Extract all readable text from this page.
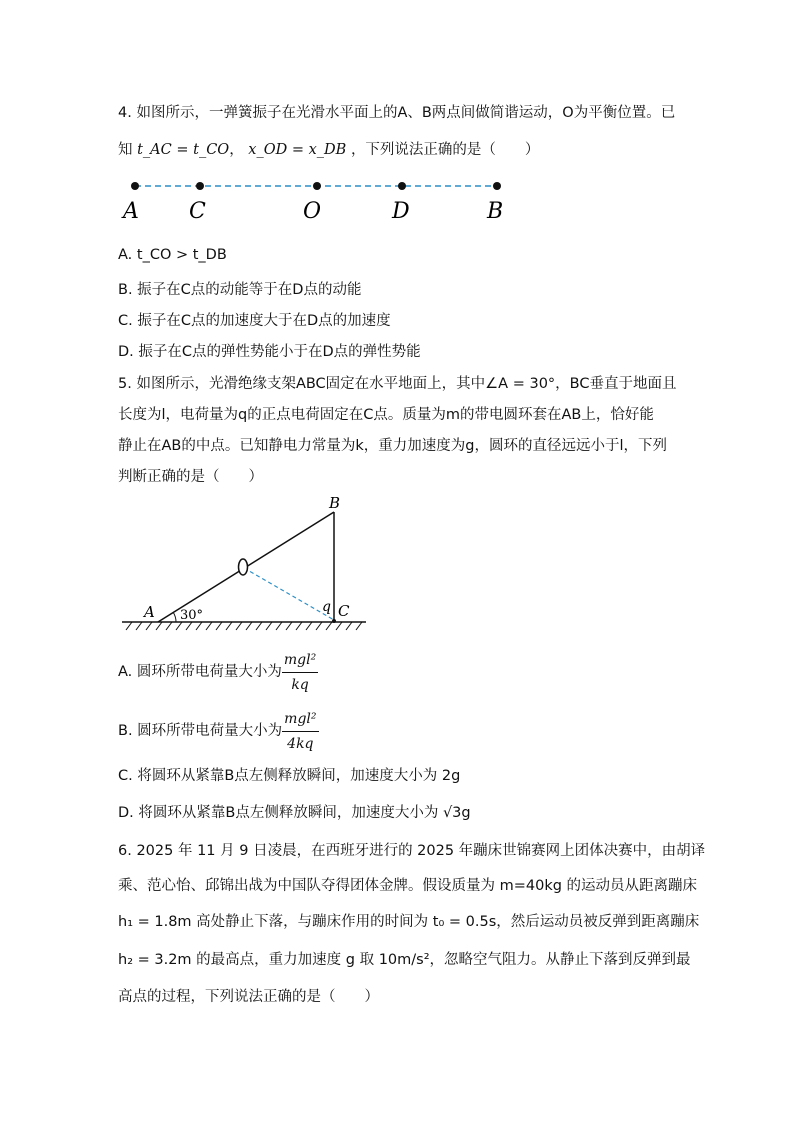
4. 如图所示，一弹簧振子在光滑水平面上的A、B两点间做简谐运动，O为平衡位置。已
知 t_AC = t_CO， x_OD = x_DB ，下列说法正确的是（　　）
A C	O	D	B
A. t_CO > t_DB
B. 振子在C点的动能等于在D点的动能
C. 振子在C点的加速度大于在D点的加速度
D. 振子在C点的弹性势能小于在D点的弹性势能
5. 如图所示，光滑绝缘支架ABC固定在水平地面上，其中∠A = 30°，BC垂直于地面且
长度为l，电荷量为q的正点电荷固定在C点。质量为m的带电圆环套在AB上，恰好能
静止在AB的中点。已知静电力常量为k，重力加速度为g，圆环的直径远远小于l，下列
判断正确的是（　　）
A
B
C
q
30°
A. 圆环所带电荷量大小为 $\frac{\text{mgl²}}{kq}$
B. 圆环所带电荷量大小为 $\frac{\text{mgl²}}{4kq}$
C. 将圆环从紧靠B点左侧释放瞬间，加速度大小为 2g
D. 将圆环从紧靠B点左侧释放瞬间，加速度大小为 √3g
6. 2025 年 11 月 9 日凌晨，在西班牙进行的 2025 年蹦床世锦赛网上团体决赛中，由胡译
乘、范心怡、邱锦出战为中国队夺得团体金牌。假设质量为 m=40kg 的运动员从距离蹦床
h₁ = 1.8m 高处静止下落，与蹦床作用的时间为 t₀ = 0.5s，然后运动员被反弹到距离蹦床
h₂ = 3.2m 的最高点，重力加速度 g 取 10m/s²，忽略空气阻力。从静止下落到反弹到最
高点的过程，下列说法正确的是（　　）
